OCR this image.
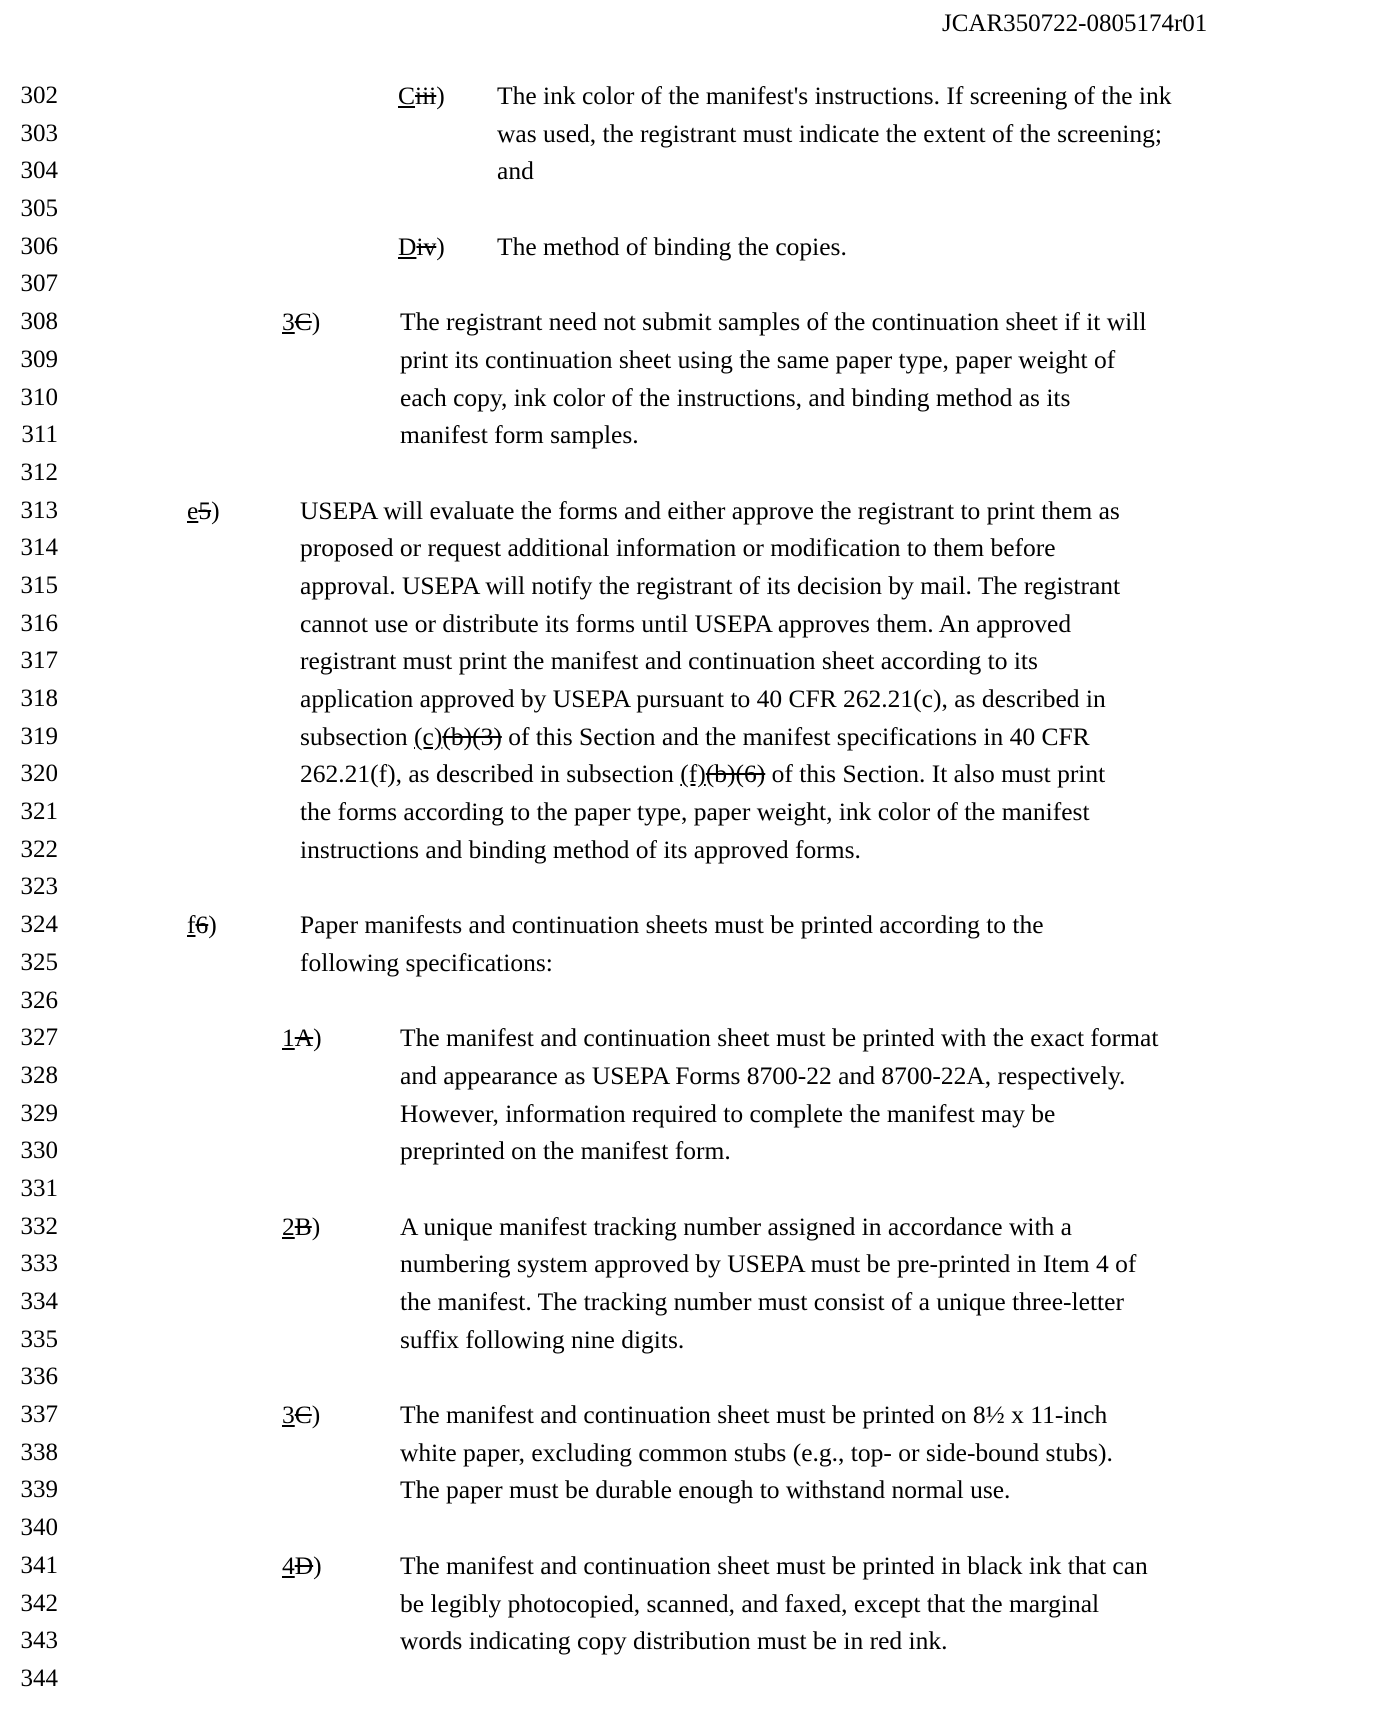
JCAR350722-0805174r01
302
303
304
305
306
307
308
309
310
311
312
313
314
315
316
317
318
319
320
321
322
323
324
325
326
327
328
329
330
331
332
333
334
335
336
337
338
339
340
341
342
343
344
Ciii) The ink color of the manifest's instructions. If screening of the ink
was used, the registrant must indicate the extent of the screening;
and
Div) The method of binding the copies.
3C)	The registrant need not submit samples of the continuation sheet if it will
print its continuation sheet using the same paper type, paper weight of
each copy, ink color of the instructions, and binding method as its
manifest form samples.
e5)	USEPA will evaluate the forms and either approve the registrant to print them as
proposed or request additional information or modification to them before
approval. USEPA will notify the registrant of its decision by mail. The registrant
cannot use or distribute its forms until USEPA approves them. An approved
registrant must print the manifest and continuation sheet according to its
application approved by USEPA pursuant to 40 CFR 262.21(c), as described in
subsection (c)(b)(3) of this Section and the manifest specifications in 40 CFR
262.21(f), as described in subsection (f)(b)(6) of this Section. It also must print
the forms according to the paper type, paper weight, ink color of the manifest
instructions and binding method of its approved forms.
f6)	Paper manifests and continuation sheets must be printed according to the
following specifications:
1A)	The manifest and continuation sheet must be printed with the exact format
and appearance as USEPA Forms 8700-22 and 8700-22A, respectively.
However, information required to complete the manifest may be
preprinted on the manifest form.
2B)	A unique manifest tracking number assigned in accordance with a
numbering system approved by USEPA must be pre-printed in Item 4 of
the manifest. The tracking number must consist of a unique three-letter
suffix following nine digits.
3C)	The manifest and continuation sheet must be printed on 8½ x 11-inch
white paper, excluding common stubs (e.g., top- or side-bound stubs).
The paper must be durable enough to withstand normal use.
4D)	The manifest and continuation sheet must be printed in black ink that can
be legibly photocopied, scanned, and faxed, except that the marginal
words indicating copy distribution must be in red ink.
